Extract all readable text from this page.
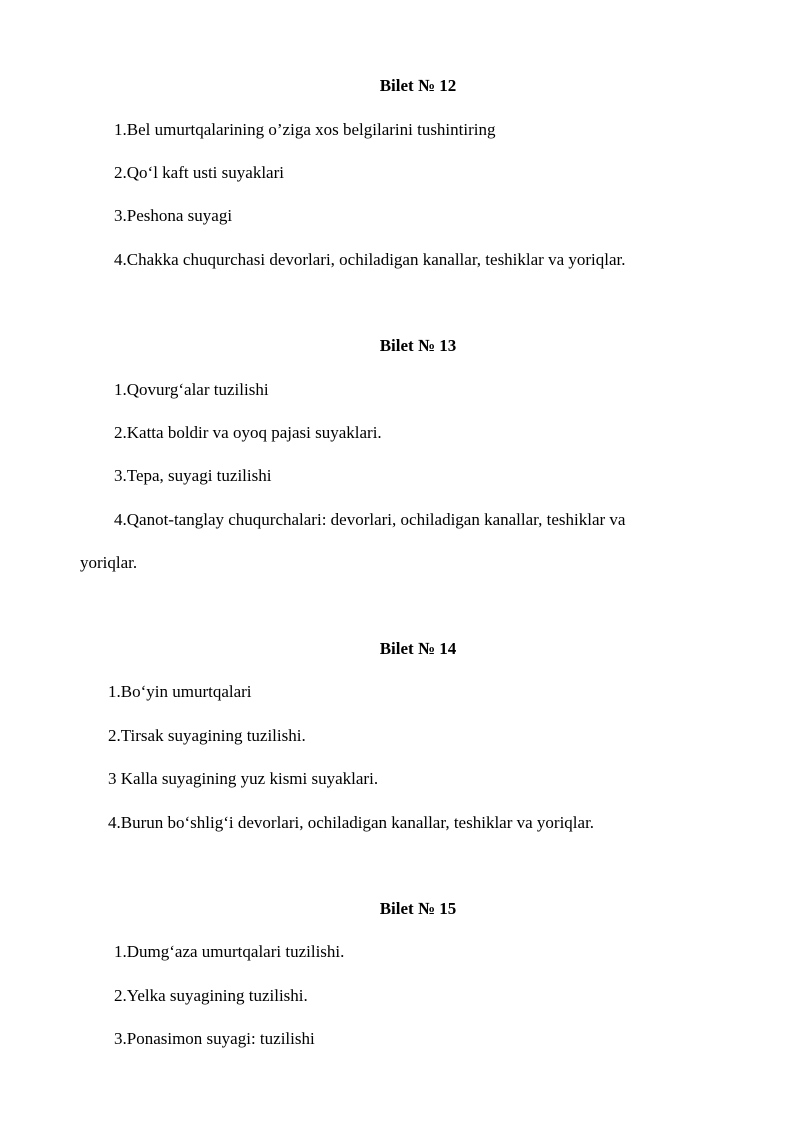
Bilet № 12
1.Bel umurtqalarining o’ziga xos belgilarini tushintiring
2.Qo‘l kaft usti suyaklari
3.Peshona suyagi
4.Chakka chuqurchasi devorlari, ochiladigan kanallar, teshiklar va yoriqlar.
Bilet № 13
1.Qovurg‘alar tuzilishi
2.Katta boldir va oyoq pajasi suyaklari.
3.Tepa, suyagi tuzilishi
4.Qanot-tanglay chuqurchalari: devorlari, ochiladigan kanallar, teshiklar va
yoriqlar.
Bilet № 14
1.Bo‘yin umurtqalari
2.Tirsak suyagining tuzilishi.
3 Kalla suyagining yuz kismi suyaklari.
4.Burun bo‘shlig‘i devorlari, ochiladigan kanallar, teshiklar va yoriqlar.
Bilet № 15
1.Dumg‘aza umurtqalari tuzilishi.
2.Yelka suyagining tuzilishi.
3.Ponasimon suyagi: tuzilishi
